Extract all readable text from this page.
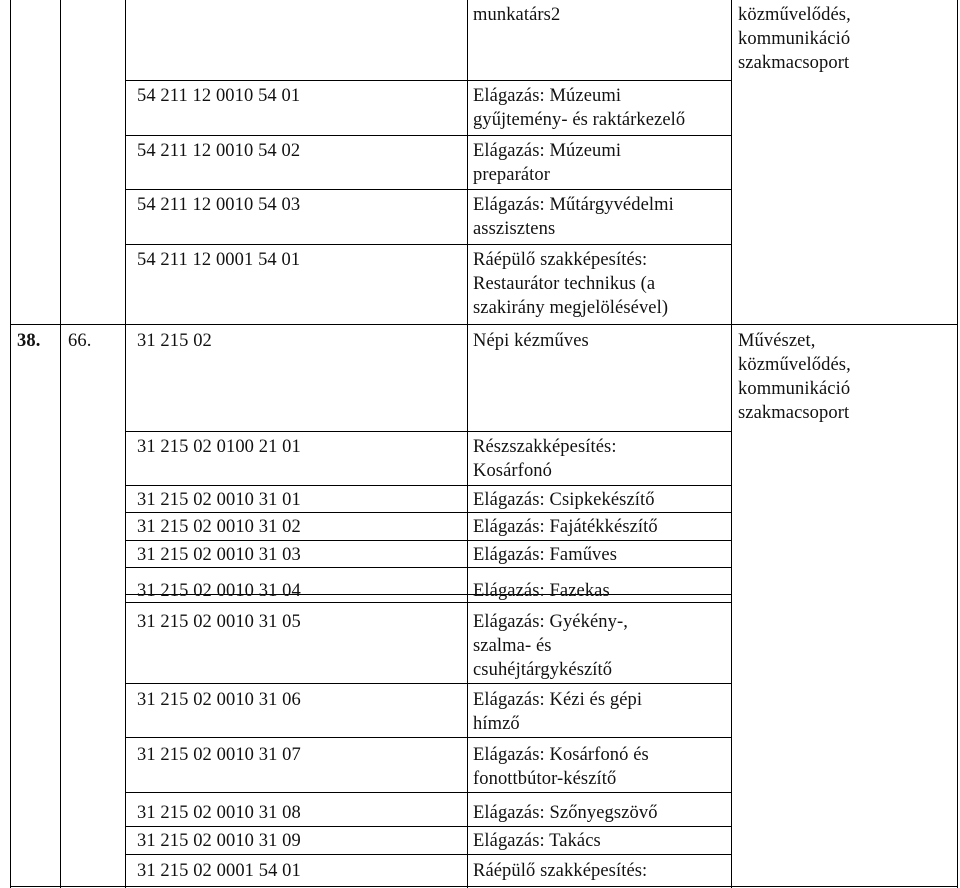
munkatárs2	közművelődés,
kommunikáció
szakmacsoport
54 211 12 0010 54 01	Elágazás: Múzeumi
gyűjtemény- és raktárkezelő
54 211 12 0010 54 02	Elágazás: Múzeumi
preparátor
54 211 12 0010 54 03	Elágazás: Műtárgyvédelmi
asszisztens
54 211 12 0001 54 01	Ráépülő szakképesítés:
Restaurátor technikus (a
szakirány megjelölésével)
38. 66. 31 215 02	Népi kézműves	Művészet,
közművelődés,
kommunikáció
szakmacsoport
31 215 02 0100 21 01	Részszakképesítés:
Kosárfonó
31 215 02 0010 31 01	Elágazás: Csipkekészítő
31 215 02 0010 31 02	Elágazás: Fajátékkészítő
31 215 02 0010 31 03	Elágazás: Faműves
31 215 02 0010 31 04	Elágazás: Fazekas
31 215 02 0010 31 05	Elágazás: Gyékény-,
szalma- és
csuhéjtárgykészítő
31 215 02 0010 31 06	Elágazás: Kézi és gépi
hímző
31 215 02 0010 31 07	Elágazás: Kosárfonó és
fonottbútor-készítő
31 215 02 0010 31 08	Elágazás: Szőnyegszövő
31 215 02 0010 31 09	Elágazás: Takács
31 215 02 0001 54 01	Ráépülő szakképesítés:
